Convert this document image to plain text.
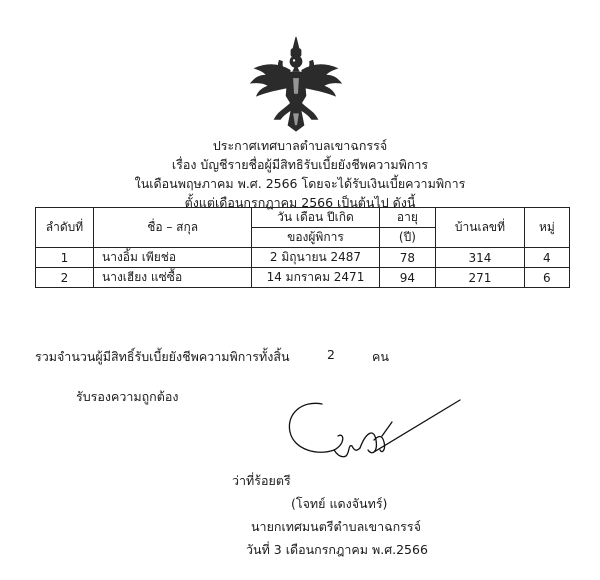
ประกาศเทศบาลตำบลเขาฉกรรจ์
เรื่อง บัญชีรายชื่อผู้มีสิทธิรับเบี้ยยังชีพความพิการ
ในเดือนพฤษภาคม พ.ศ. 2566 โดยจะได้รับเงินเบี้ยความพิการ
ตั้งแต่เดือนกรกฎาคม 2566 เป็นต้นไป ดังนี้
ลำดับที่	ชื่อ – สกุล	วัน เดือน ปีเกิด	อายุ	บ้านเลขที่	หมู่
		ของผู้พิการ	(ปี)		
1	นางอิ้ม เพียช่อ	2 มิถุนายน 2487	78	314	4
2	นางเฮียง แซ่ซื้อ	14 มกราคม 2471	94	271	6
รวมจำนวนผู้มีสิทธิ์รับเบี้ยยังชีพความพิการทั้งสิ้น	2	คน
รับรองความถูกต้อง
ว่าที่ร้อยตรี
(โจทย์ แดงจันทร์)
นายกเทศมนตรีตำบลเขาฉกรรจ์
วันที่ 3 เดือนกรกฎาคม พ.ศ.2566
